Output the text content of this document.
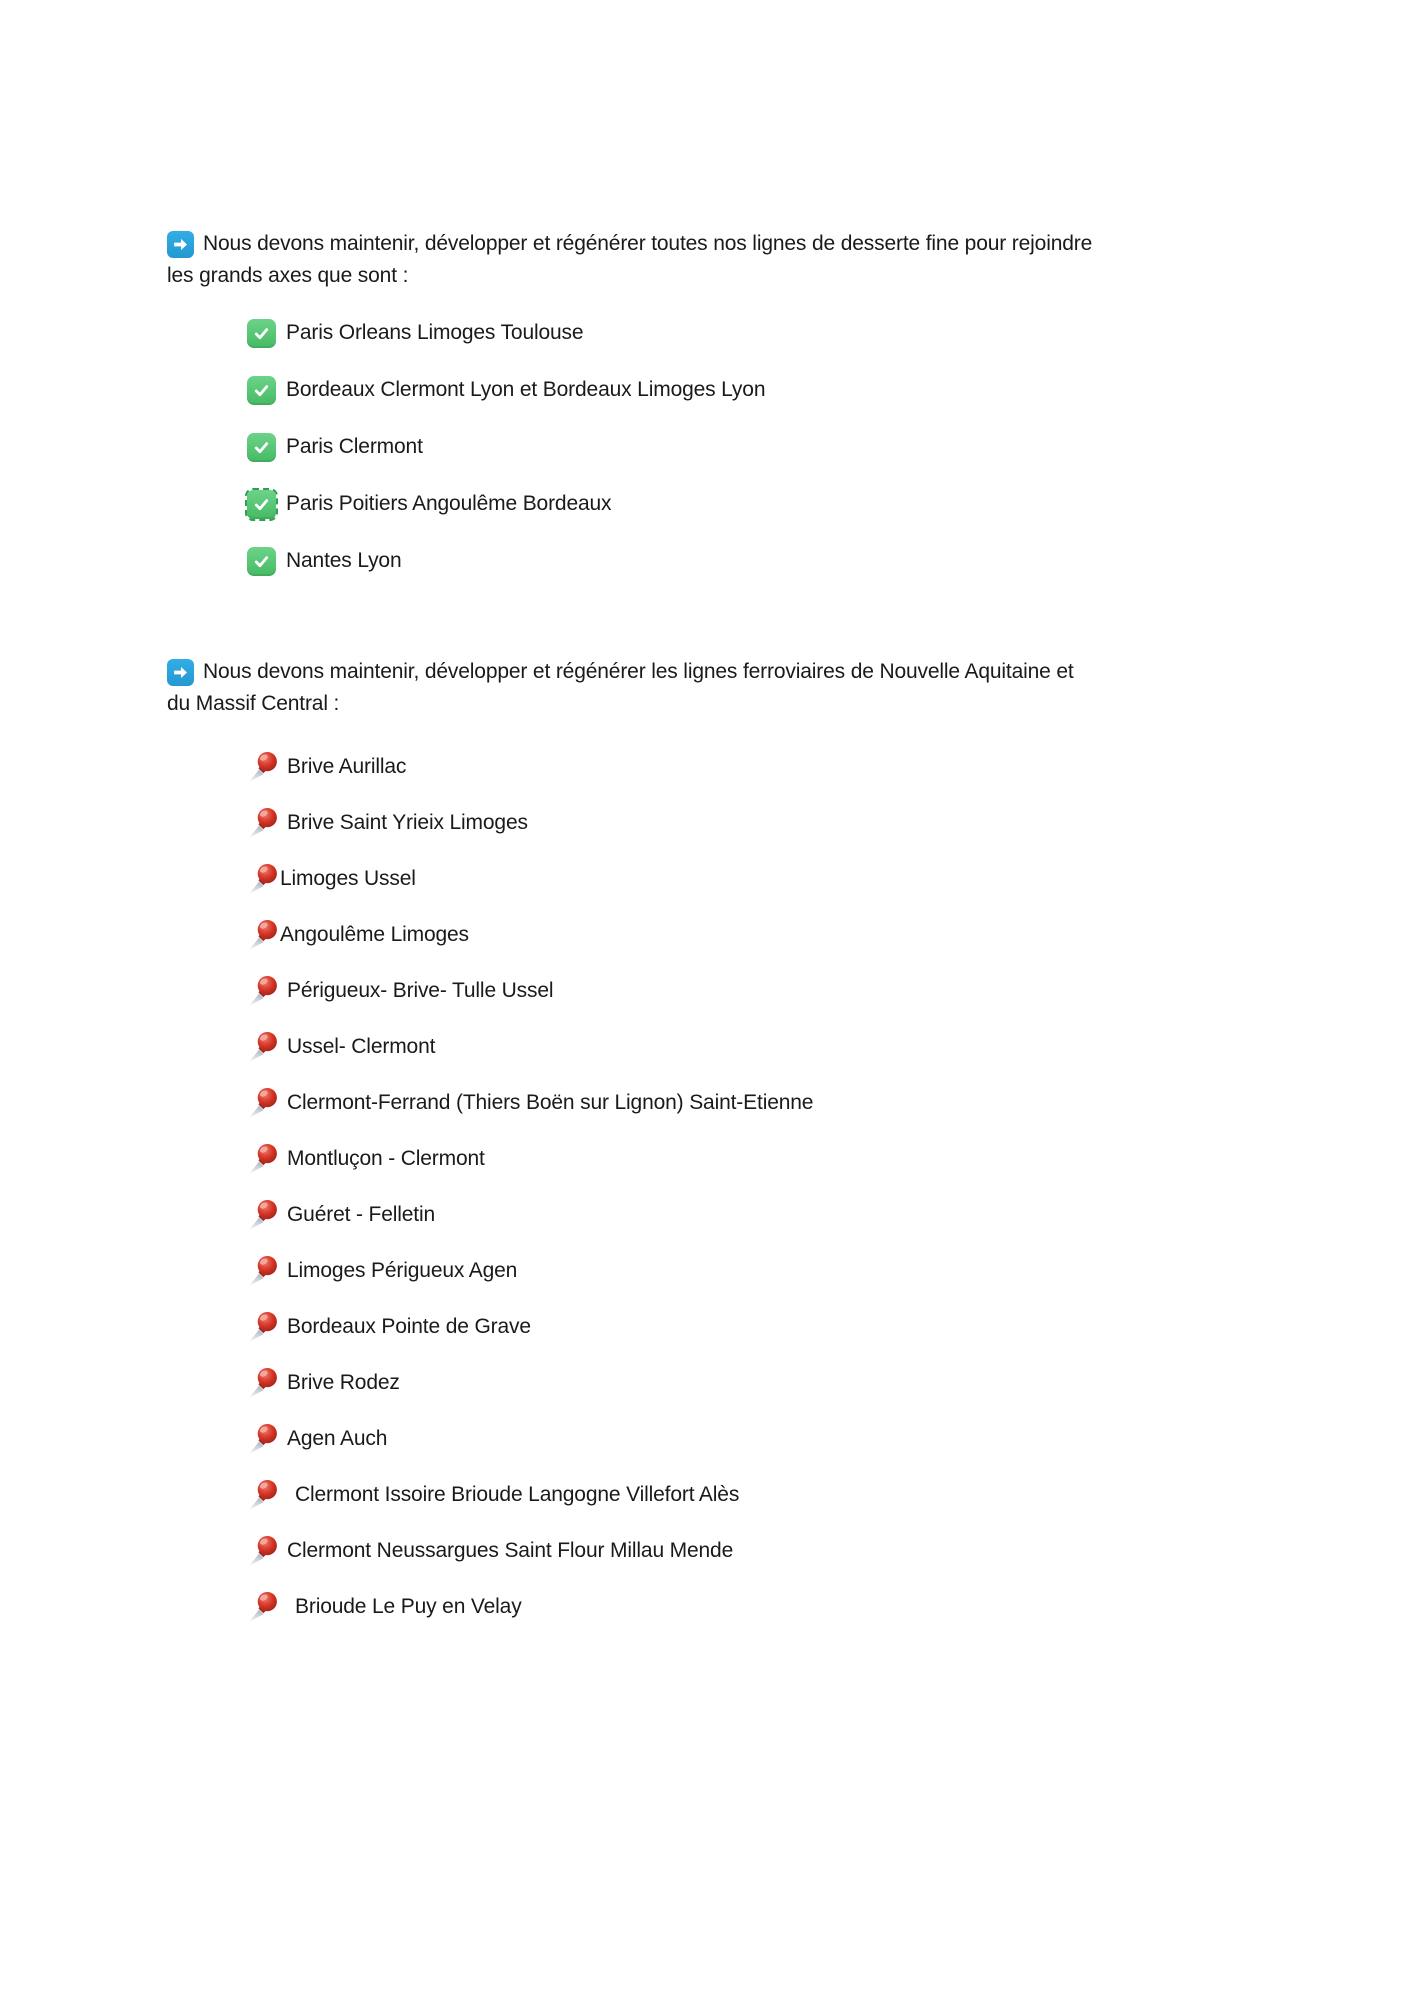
Nous devons maintenir, développer et régénérer toutes nos lignes de desserte fine pour rejoindre
les grands axes que sont :

Paris Orleans Limoges Toulouse
Bordeaux Clermont Lyon et Bordeaux Limoges Lyon
Paris Clermont
Paris Poitiers Angoulême Bordeaux
Nantes Lyon

Nous devons maintenir, développer et régénérer les lignes ferroviaires de Nouvelle Aquitaine et
du Massif Central :

Brive Aurillac
Brive Saint Yrieix Limoges
Limoges Ussel
Angoulême Limoges
Périgueux- Brive- Tulle Ussel
Ussel- Clermont
Clermont-Ferrand (Thiers Boën sur Lignon) Saint-Etienne
Montluçon - Clermont
Guéret - Felletin
Limoges Périgueux Agen
Bordeaux Pointe de Grave
Brive Rodez
Agen Auch
Clermont Issoire Brioude Langogne Villefort Alès
Clermont Neussargues Saint Flour Millau Mende
Brioude Le Puy en Velay
